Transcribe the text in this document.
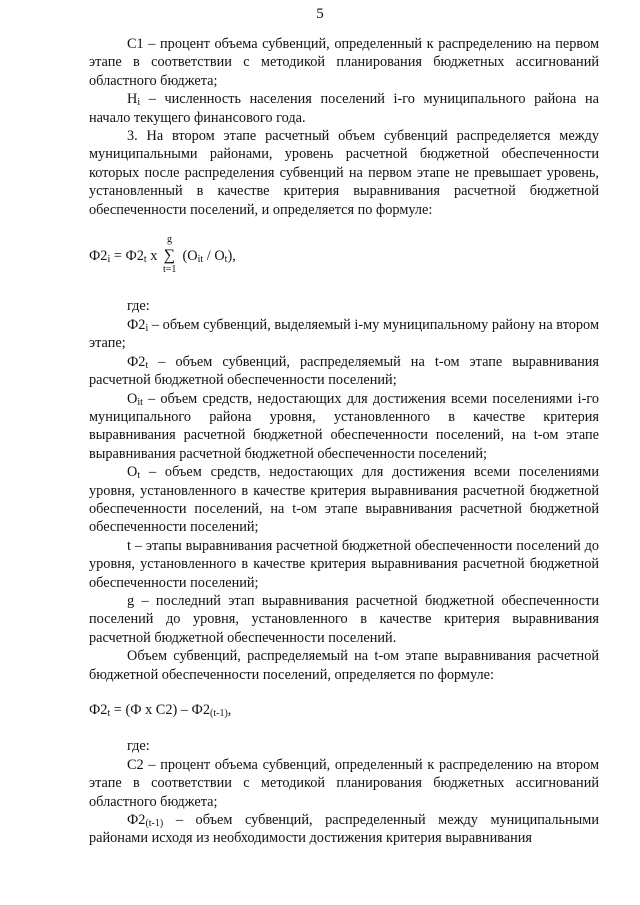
5

С1 – процент объема субвенций, определенный к распределению на первом этапе в соответствии с методикой планирования бюджетных ассигнований областного бюджета;

$H_i$ – численность населения поселений i-го муниципального района на начало текущего финансового года.

3. На втором этапе расчетный объем субвенций распределяется между муниципальными районами, уровень расчетной бюджетной обеспеченности которых после распределения субвенций на первом этапе не превышает уровень, установленный в качестве критерия выравнивания расчетной бюджетной обеспеченности поселений, и определяется по формуле:

$Ф2_i = Ф2_t$ x
g
∑
t=1
$(O_{it} / O_t)$,

где:

$Ф2_i$ – объем субвенций, выделяемый i-му муниципальному району на втором этапе;

$Ф2_t$ – объем субвенций, распределяемый на t-ом этапе выравнивания расчетной бюджетной обеспеченности поселений;

$O_{it}$ – объем средств, недостающих для достижения всеми поселениями i-го муниципального района уровня, установленного в качестве критерия выравнивания расчетной бюджетной обеспеченности поселений, на t-ом этапе выравнивания расчетной бюджетной обеспеченности поселений;

$O_t$ – объем средств, недостающих для достижения всеми поселениями уровня, установленного в качестве критерия выравнивания расчетной бюджетной обеспеченности поселений, на t-ом этапе выравнивания расчетной бюджетной обеспеченности поселений;

t – этапы выравнивания расчетной бюджетной обеспеченности поселений до уровня, установленного в качестве критерия выравнивания расчетной бюджетной обеспеченности поселений;

g – последний этап выравнивания расчетной бюджетной обеспеченности поселений до уровня, установленного в качестве критерия выравнивания расчетной бюджетной обеспеченности поселений.

Объем субвенций, распределяемый на t-ом этапе выравнивания расчетной бюджетной обеспеченности поселений, определяется по формуле:

$Ф2_t = (Ф$ x $С2) - Ф2_{(t-1)}$,

где:

С2 – процент объема субвенций, определенный к распределению на втором этапе в соответствии с методикой планирования бюджетных ассигнований областного бюджета;

$Ф2_{(t-1)}$ – объем субвенций, распределенный между муниципальными районами исходя из необходимости достижения критерия выравнивания
